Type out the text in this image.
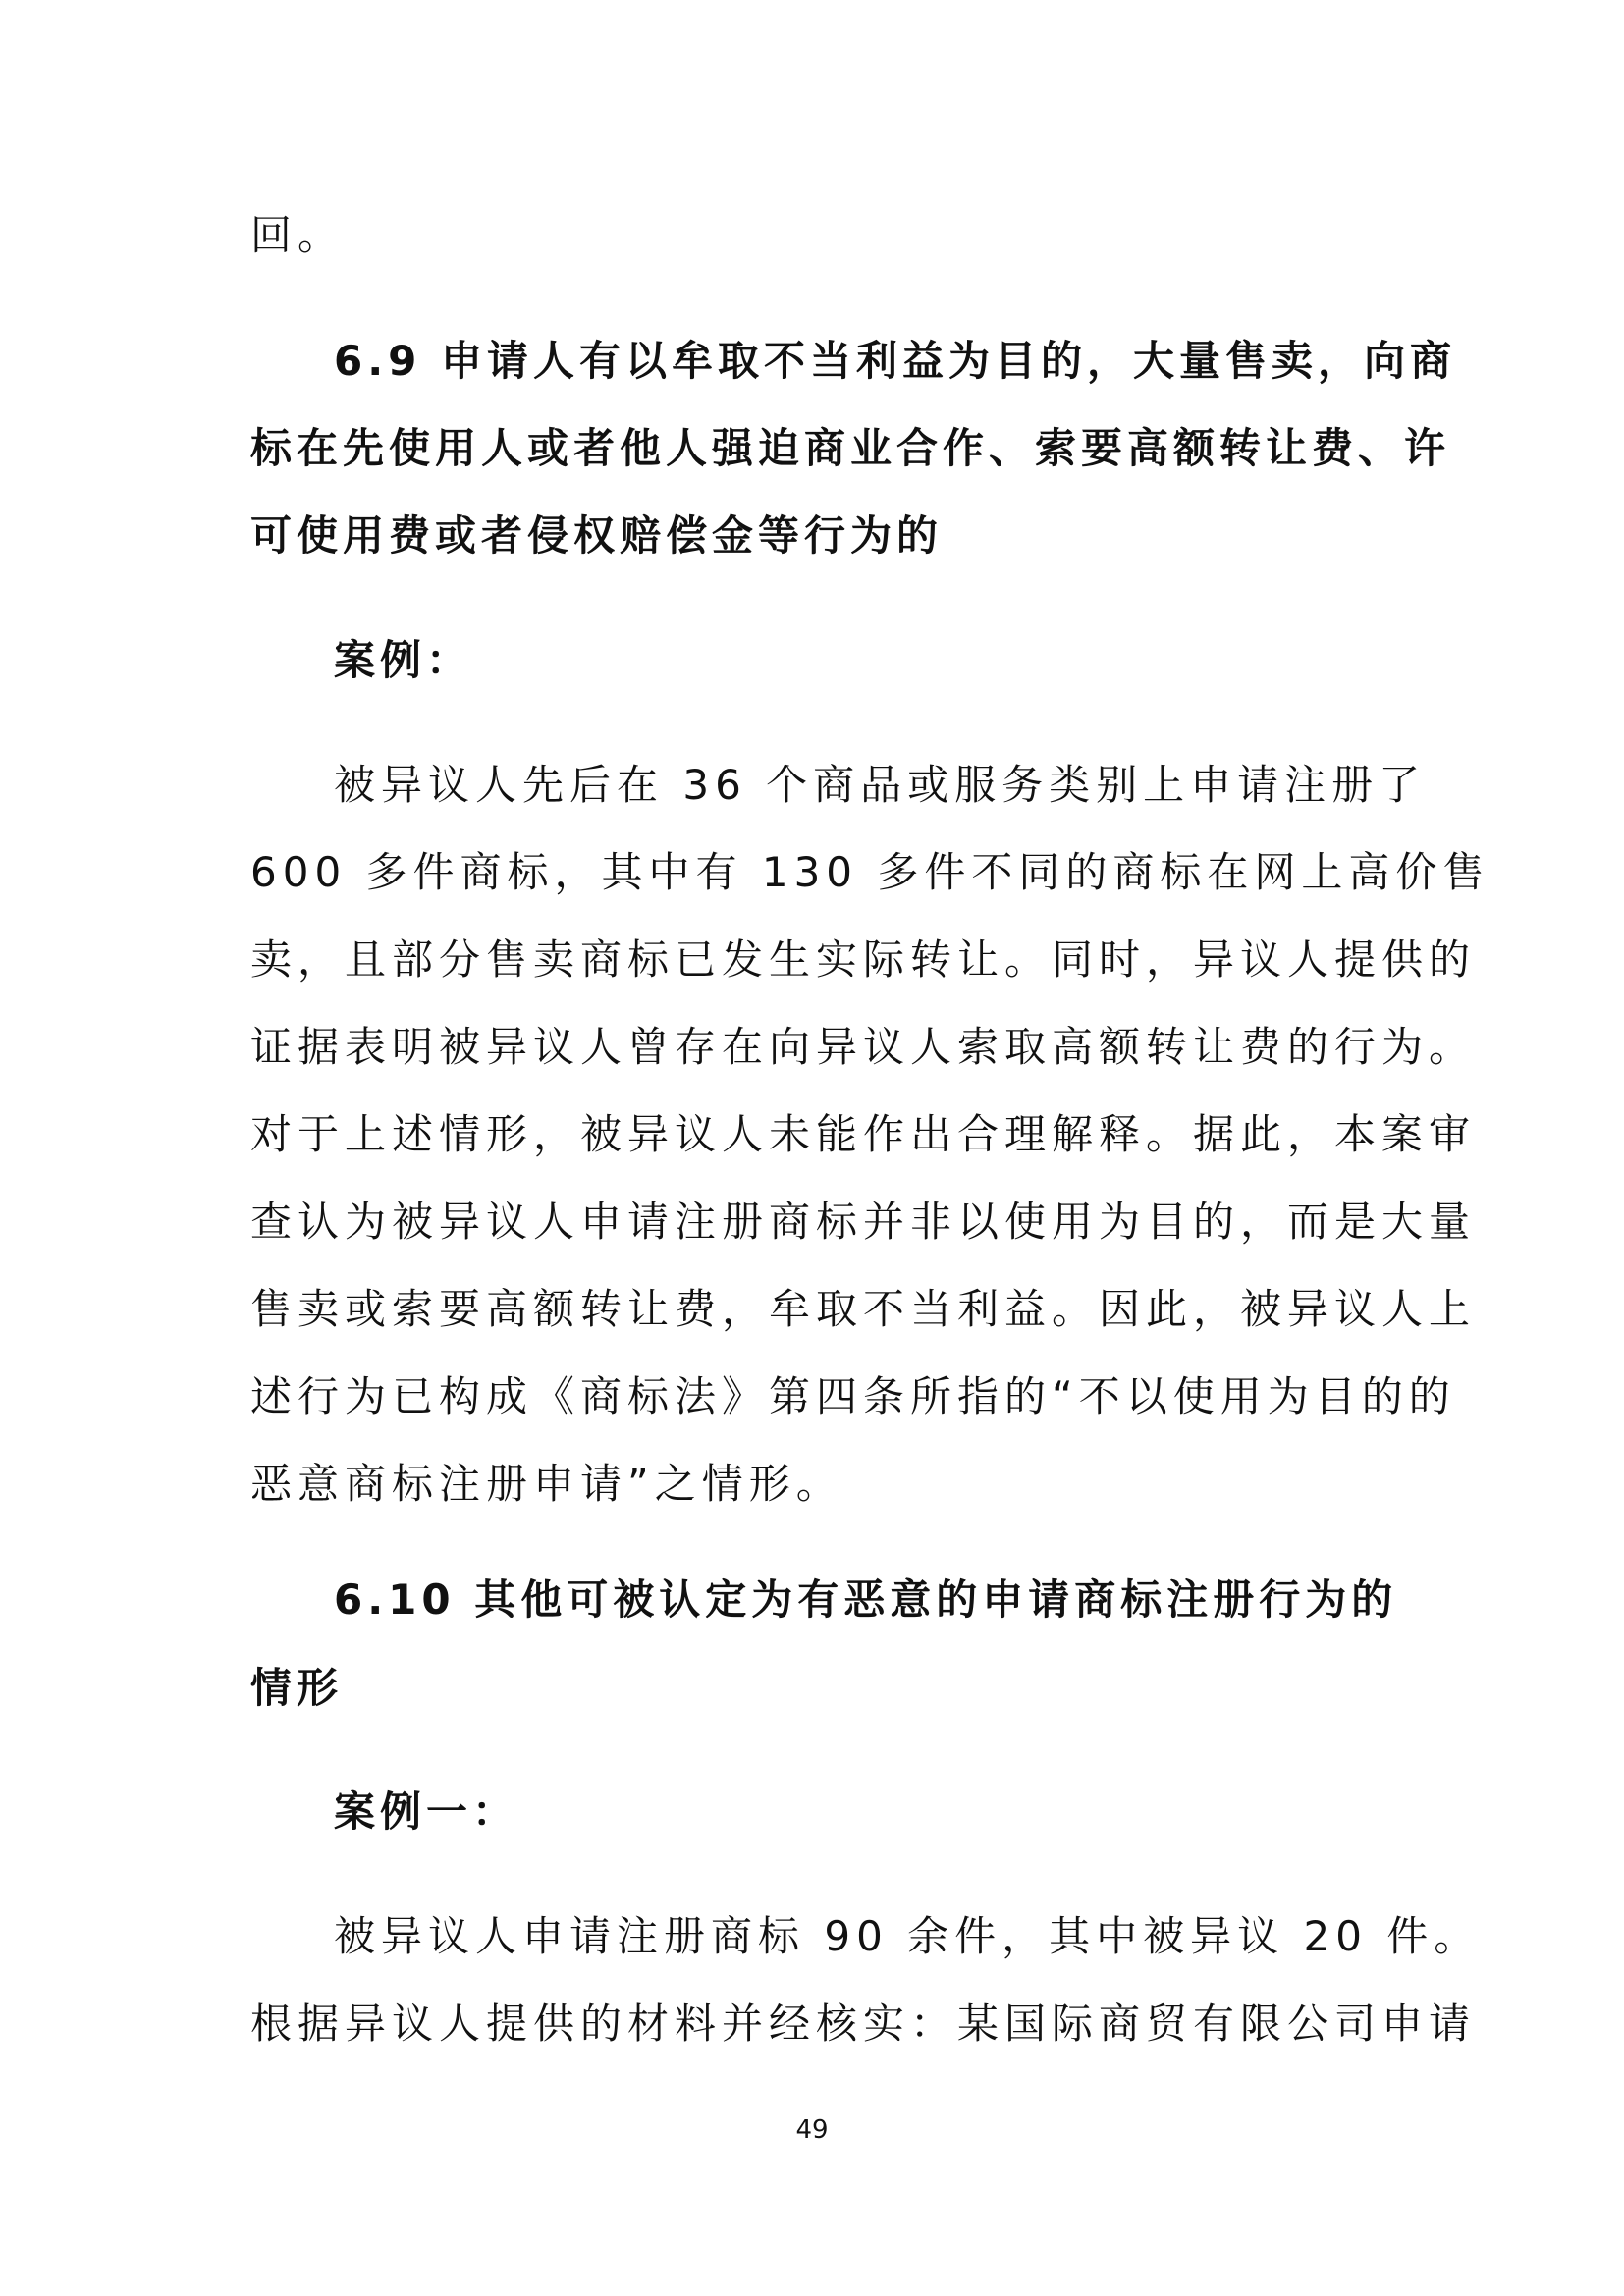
回。
6.9 申请人有以牟取不当利益为目的，大量售卖，向商
标在先使用人或者他人强迫商业合作、索要高额转让费、许
可使用费或者侵权赔偿金等行为的
案例：
被异议人先后在 36 个商品或服务类别上申请注册了
600 多件商标，其中有 130 多件不同的商标在网上高价售
卖，且部分售卖商标已发生实际转让。同时，异议人提供的
证据表明被异议人曾存在向异议人索取高额转让费的行为。
对于上述情形，被异议人未能作出合理解释。据此，本案审
查认为被异议人申请注册商标并非以使用为目的，而是大量
售卖或索要高额转让费，牟取不当利益。因此，被异议人上
述行为已构成《商标法》第四条所指的“不以使用为目的的
恶意商标注册申请”之情形。
6.10 其他可被认定为有恶意的申请商标注册行为的
情形
案例一：
被异议人申请注册商标 90 余件，其中被异议 20 件。
根据异议人提供的材料并经核实：某国际商贸有限公司申请
49
